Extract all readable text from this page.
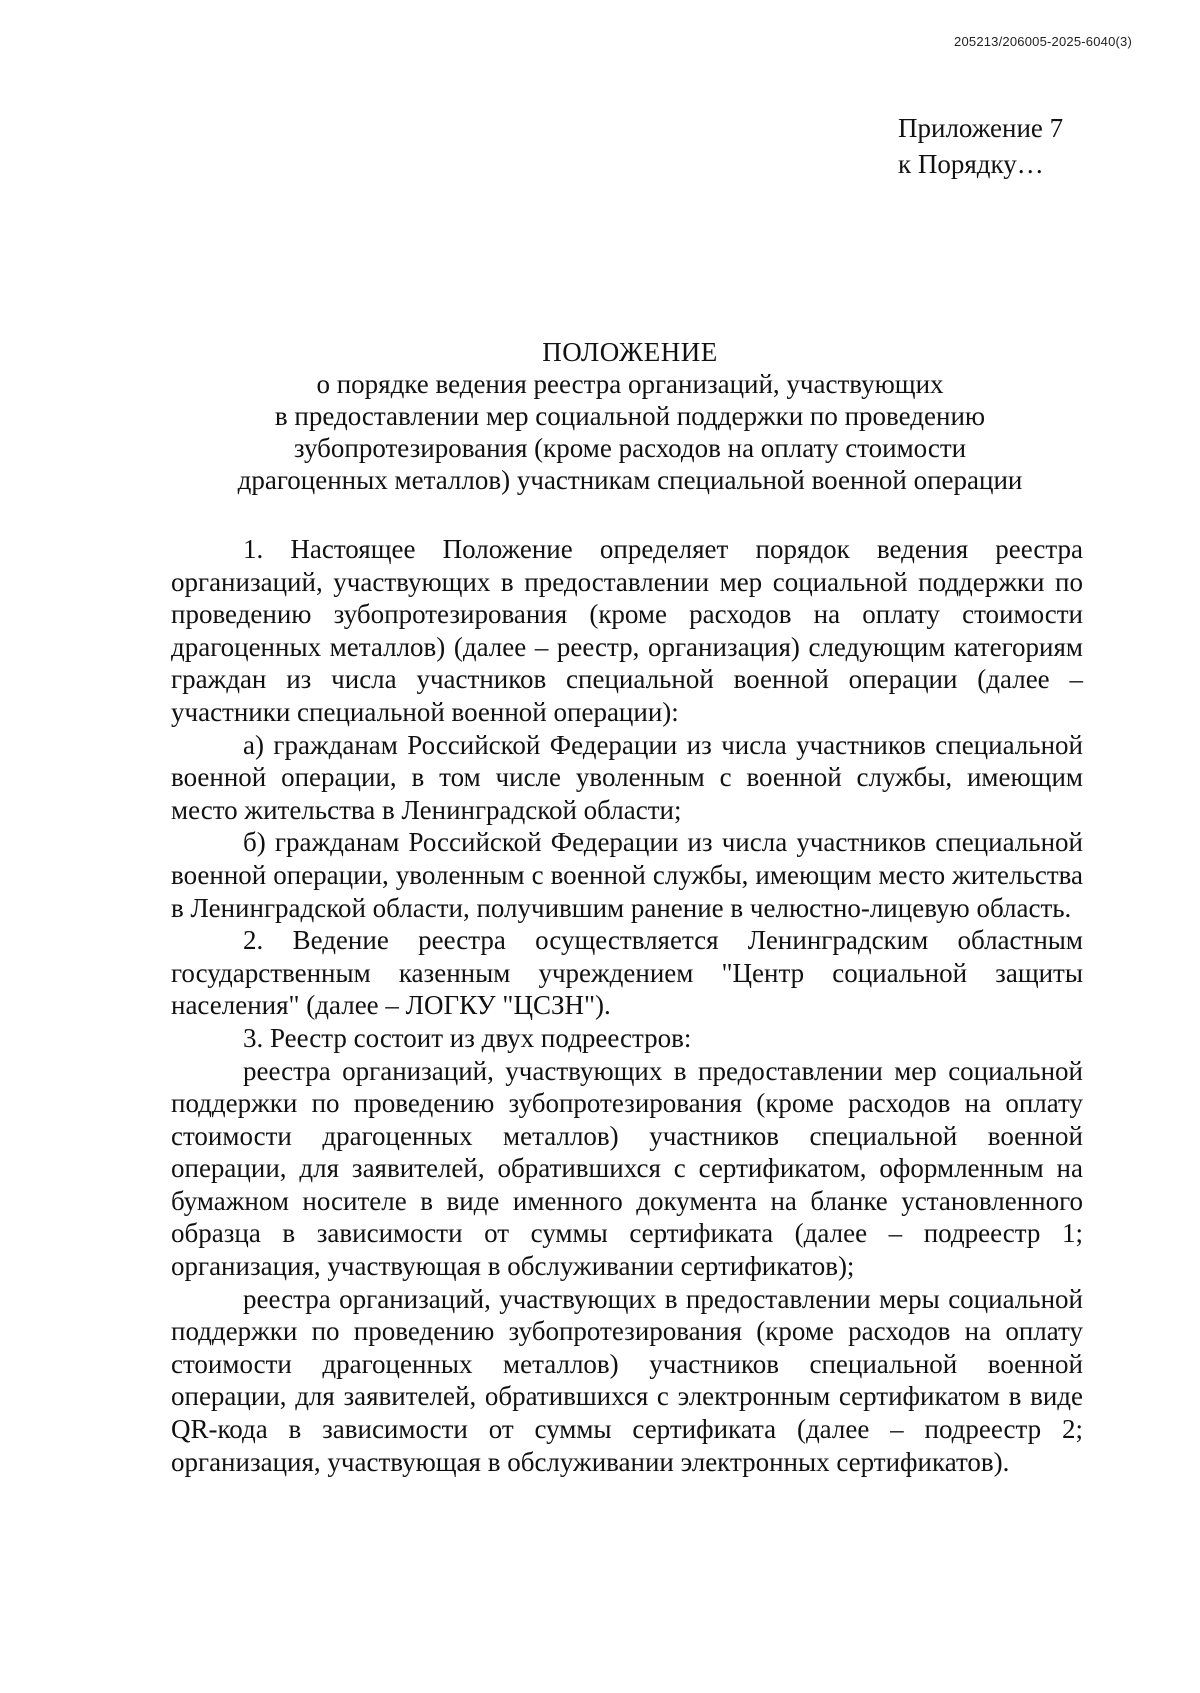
205213/206005-2025-6040(3)
Приложение 7
к Порядку…
ПОЛОЖЕНИЕ
о порядке ведения реестра организаций, участвующих
в предоставлении мер социальной поддержки по проведению
зубопротезирования (кроме расходов на оплату стоимости
драгоценных металлов) участникам специальной военной операции

1. Настоящее Положение определяет порядок ведения реестра организаций, участвующих в предоставлении мер социальной поддержки по проведению зубопротезирования (кроме расходов на оплату стоимости драгоценных металлов) (далее – реестр, организация) следующим категориям граждан из числа участников специальной военной операции (далее – участники специальной военной операции):

а) гражданам Российской Федерации из числа участников специальной военной операции, в том числе уволенным с военной службы, имеющим место жительства в Ленинградской области;

б) гражданам Российской Федерации из числа участников специальной военной операции, уволенным с военной службы, имеющим место жительства в Ленинградской области, получившим ранение в челюстно-лицевую область.

2. Ведение реестра осуществляется Ленинградским областным государственным казенным учреждением "Центр социальной защиты населения" (далее – ЛОГКУ "ЦСЗН").

3. Реестр состоит из двух подреестров:

реестра организаций, участвующих в предоставлении мер социальной поддержки по проведению зубопротезирования (кроме расходов на оплату стоимости драгоценных металлов) участников специальной военной операции, для заявителей, обратившихся с сертификатом, оформленным на бумажном носителе в виде именного документа на бланке установленного образца в зависимости от суммы сертификата (далее – подреестр 1; организация, участвующая в обслуживании сертификатов);

реестра организаций, участвующих в предоставлении меры социальной поддержки по проведению зубопротезирования (кроме расходов на оплату стоимости драгоценных металлов) участников специальной военной операции, для заявителей, обратившихся с электронным сертификатом в виде QR-кода в зависимости от суммы сертификата (далее – подреестр 2; организация, участвующая в обслуживании электронных сертификатов).
